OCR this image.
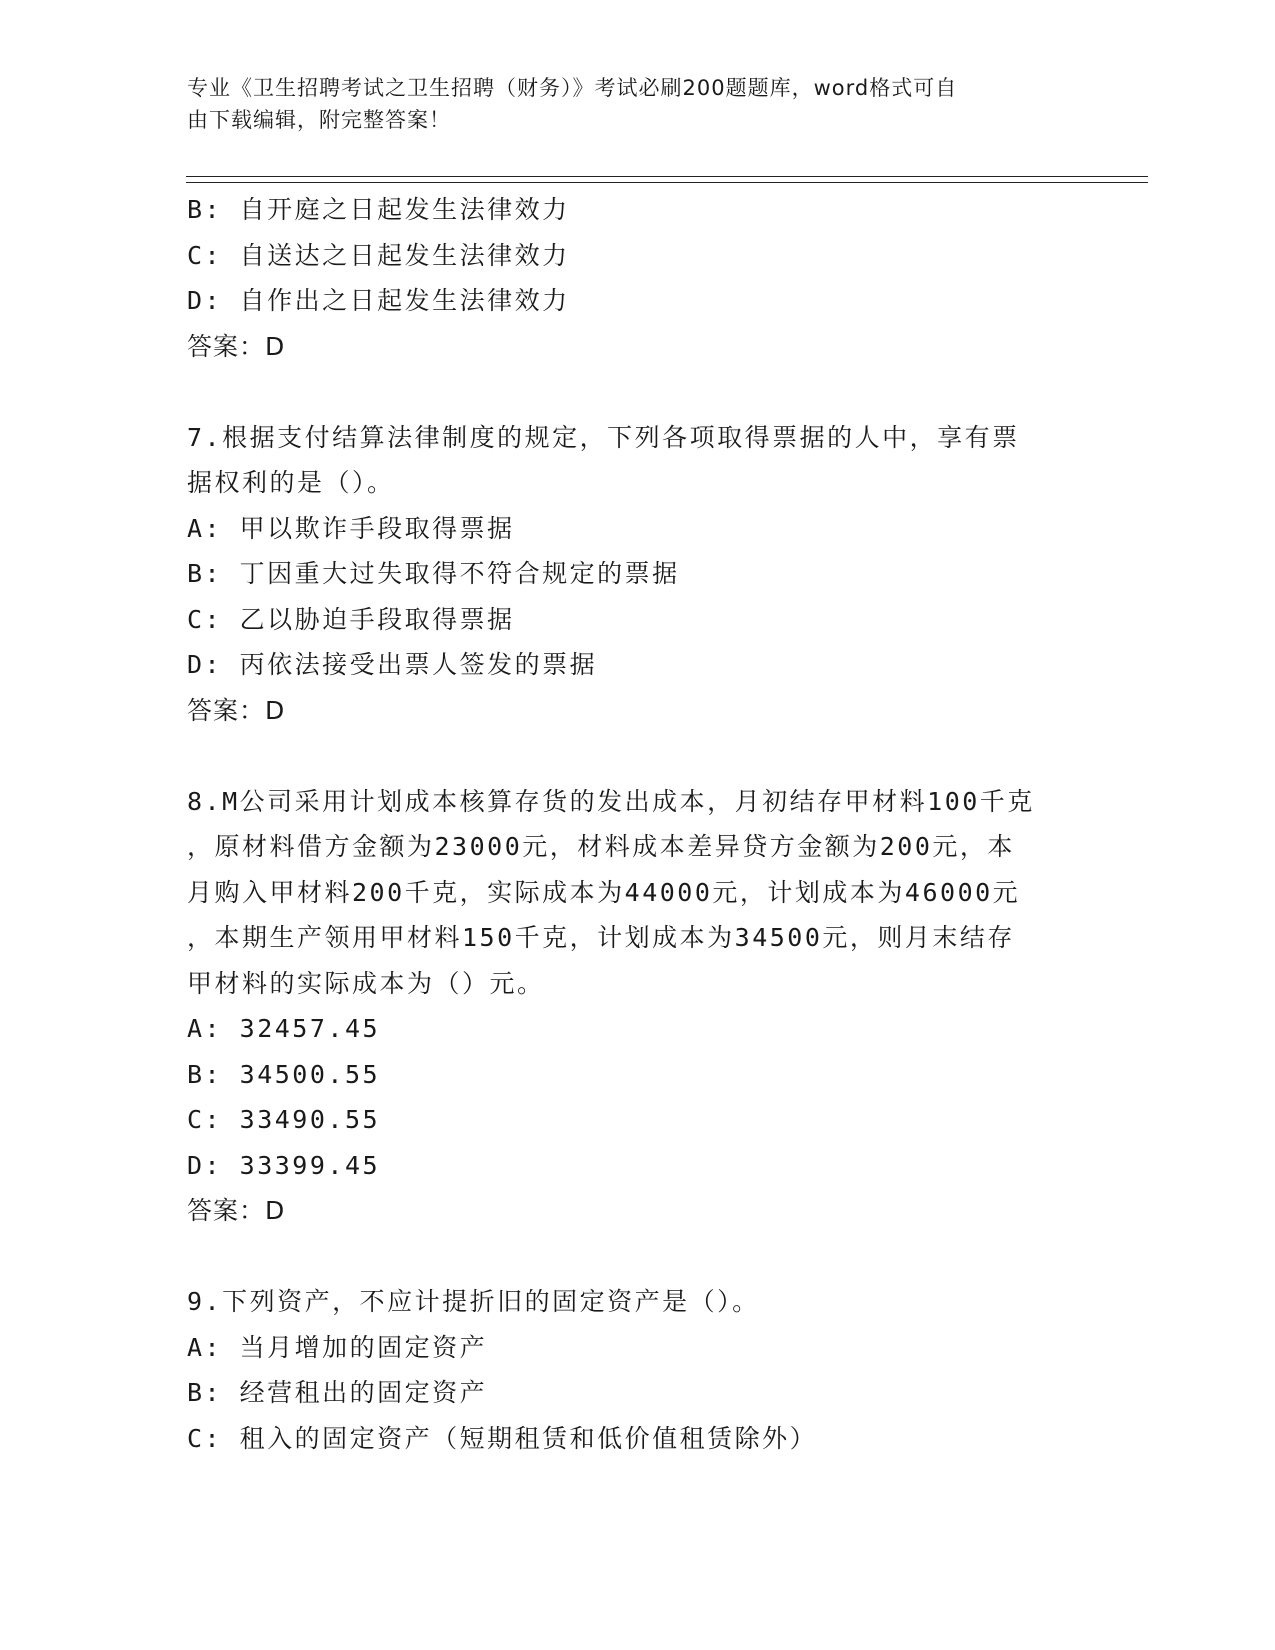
专业《卫生招聘考试之卫生招聘（财务）》考试必刷200题题库，word格式可自
由下载编辑，附完整答案！
B: 自开庭之日起发生法律效力
C: 自送达之日起发生法律效力
D: 自作出之日起发生法律效力
答案：D
7.根据支付结算法律制度的规定，下列各项取得票据的人中，享有票
据权利的是（）。
A: 甲以欺诈手段取得票据
B: 丁因重大过失取得不符合规定的票据
C: 乙以胁迫手段取得票据
D: 丙依法接受出票人签发的票据
答案：D
8.M公司采用计划成本核算存货的发出成本，月初结存甲材料100千克
，原材料借方金额为23000元，材料成本差异贷方金额为200元，本
月购入甲材料200千克，实际成本为44000元，计划成本为46000元
，本期生产领用甲材料150千克，计划成本为34500元，则月末结存
甲材料的实际成本为（）元。
A: 32457.45
B: 34500.55
C: 33490.55
D: 33399.45
答案：D
9.下列资产，不应计提折旧的固定资产是（）。
A: 当月增加的固定资产
B: 经营租出的固定资产
C: 租入的固定资产（短期租赁和低价值租赁除外）
